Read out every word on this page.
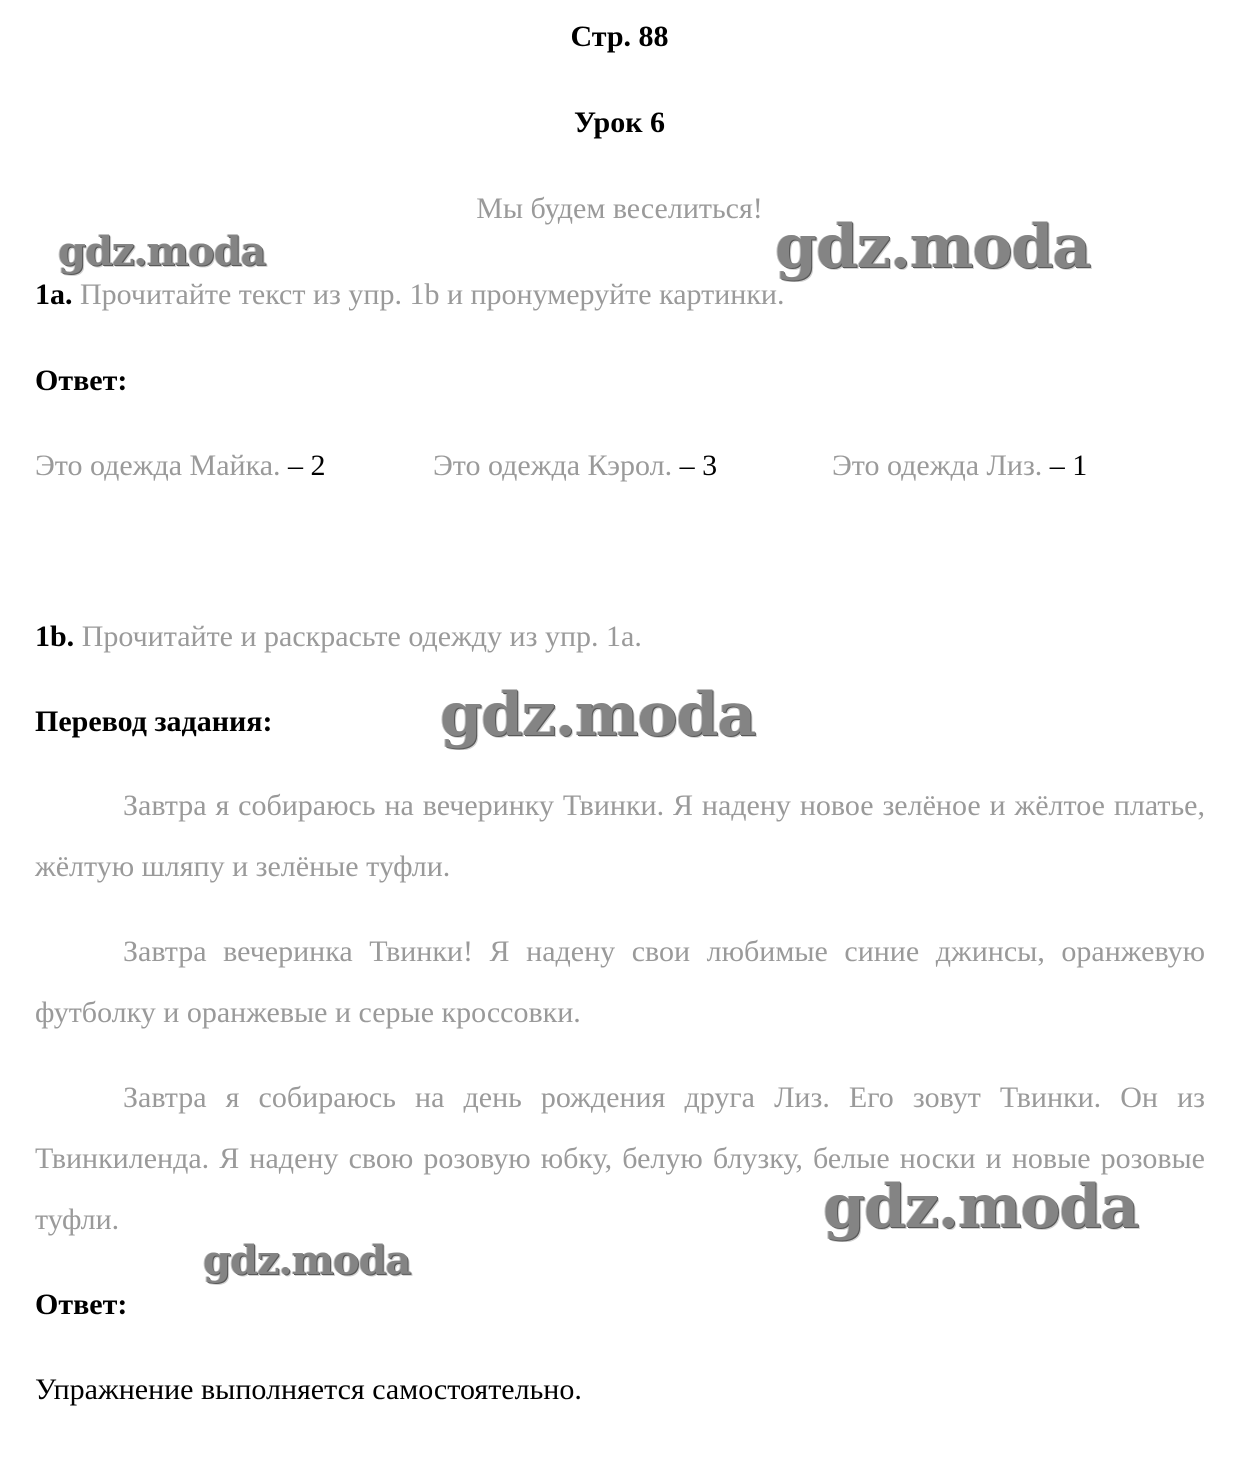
Стр. 88
Урок 6
Мы будем веселиться!
1a. Прочитайте текст из упр. 1b и пронумеруйте картинки.
Ответ:
Это одежда Майка. – 2	Это одежда Кэрол. – 3	Это одежда Лиз. – 1
1b. Прочитайте и раскрасьте одежду из упр. 1a.
Перевод задания:

Завтра я собираюсь на вечеринку Твинки. Я надену новое зелёное и жёлтое платье, жёлтую шляпу и зелёные туфли.

Завтра вечеринка Твинки! Я надену свои любимые синие джинсы, оранжевую футболку и оранжевые и серые кроссовки.

Завтра я собираюсь на день рождения друга Лиз. Его зовут Твинки. Он из Твинкиленда. Я надену свою розовую юбку, белую блузку, белые носки и новые розовые туфли.

Ответ:
Упражнение выполняется самостоятельно.
gdz.moda	gdz.moda
gdz.moda
gdz.moda
gdz.moda
